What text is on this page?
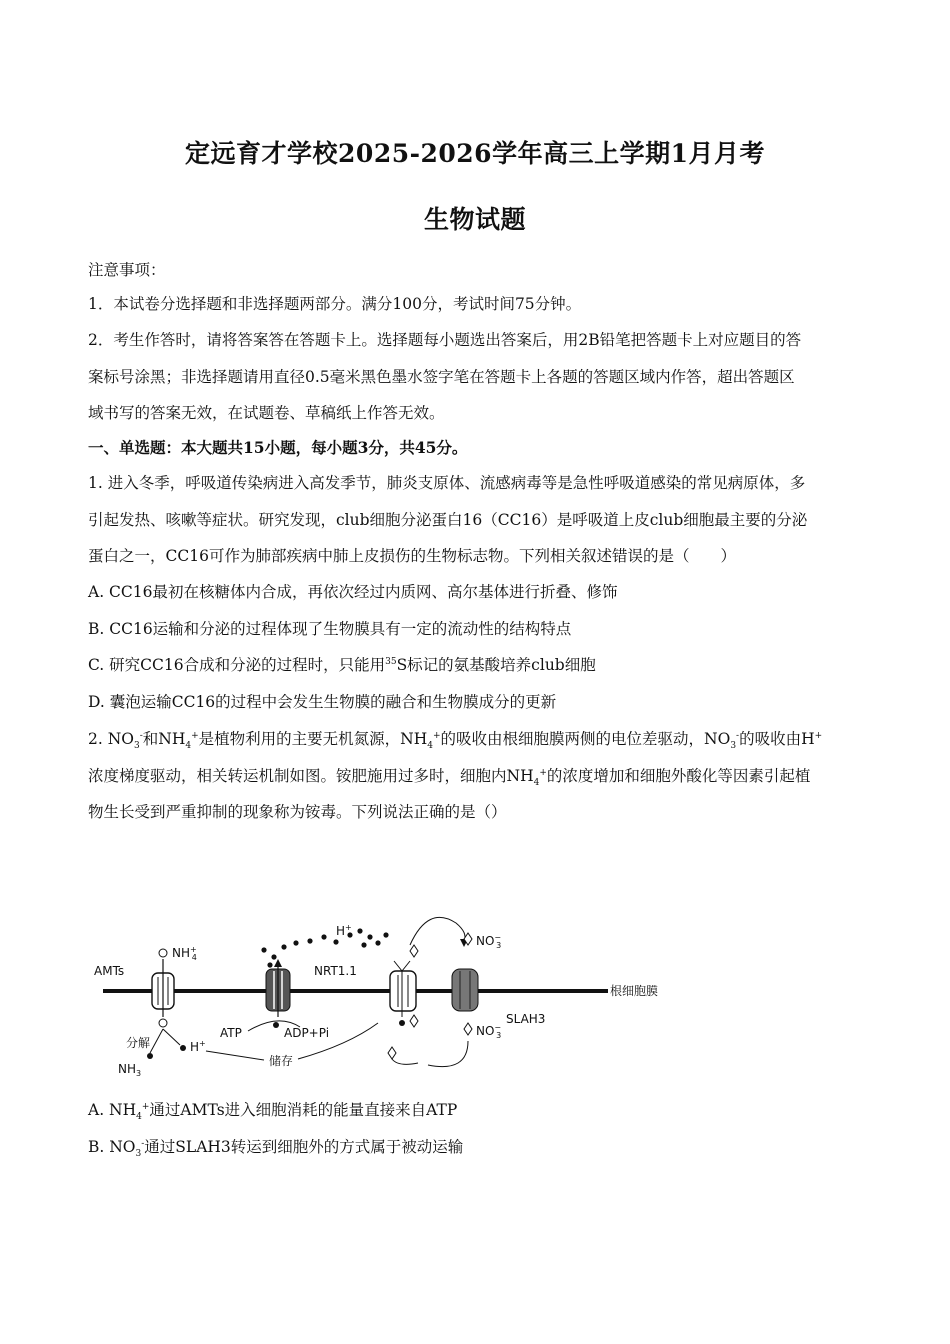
定远育才学校2025-2026学年高三上学期1月月考
生物试题
注意事项：
1．本试卷分选择题和非选择题两部分。满分100分，考试时间75分钟。
2．考生作答时，请将答案答在答题卡上。选择题每小题选出答案后，用2B铅笔把答题卡上对应题目的答
案标号涂黑；非选择题请用直径0.5毫米黑色墨水签字笔在答题卡上各题的答题区域内作答，超出答题区
域书写的答案无效，在试题卷、草稿纸上作答无效。
一、单选题：本大题共15小题，每小题3分，共45分。
1. 进入冬季，呼吸道传染病进入高发季节，肺炎支原体、流感病毒等是急性呼吸道感染的常见病原体，多
引起发热、咳嗽等症状。研究发现，club细胞分泌蛋白16（CC16）是呼吸道上皮club细胞最主要的分泌
蛋白之一，CC16可作为肺部疾病中肺上皮损伤的生物标志物。下列相关叙述错误的是（　　）
A. CC16最初在核糖体内合成，再依次经过内质网、高尔基体进行折叠、修饰
B. CC16运输和分泌的过程体现了生物膜具有一定的流动性的结构特点
C. 研究CC16合成和分泌的过程时，只能用$^{35}$S标记的氨基酸培养club细胞
D. 囊泡运输CC16的过程中会发生生物膜的融合和生物膜成分的更新
2. $NO_3^-$和$NH_4^+$是植物利用的主要无机氮源，$NH_4^+$的吸收由根细胞膜两侧的电位差驱动，$NO_3^-$的吸收由H+
浓度梯度驱动，相关转运机制如图。铵肥施用过多时，细胞内$NH_4^+$的浓度增加和细胞外酸化等因素引起植
物生长受到严重抑制的现象称为铵毒。下列说法正确的是（）
根细胞膜
AMTs
NH+ 4
分解
$NH_3$
H+
ATP	ADP+Pi
储存
H+
NRT1.1
SLAH3
NO− 3
NO− 3
A. $NH_4^+$通过AMTs进入细胞消耗的能量直接来自ATP
B. $NO_3^-$通过SLAH3转运到细胞外的方式属于被动运输
